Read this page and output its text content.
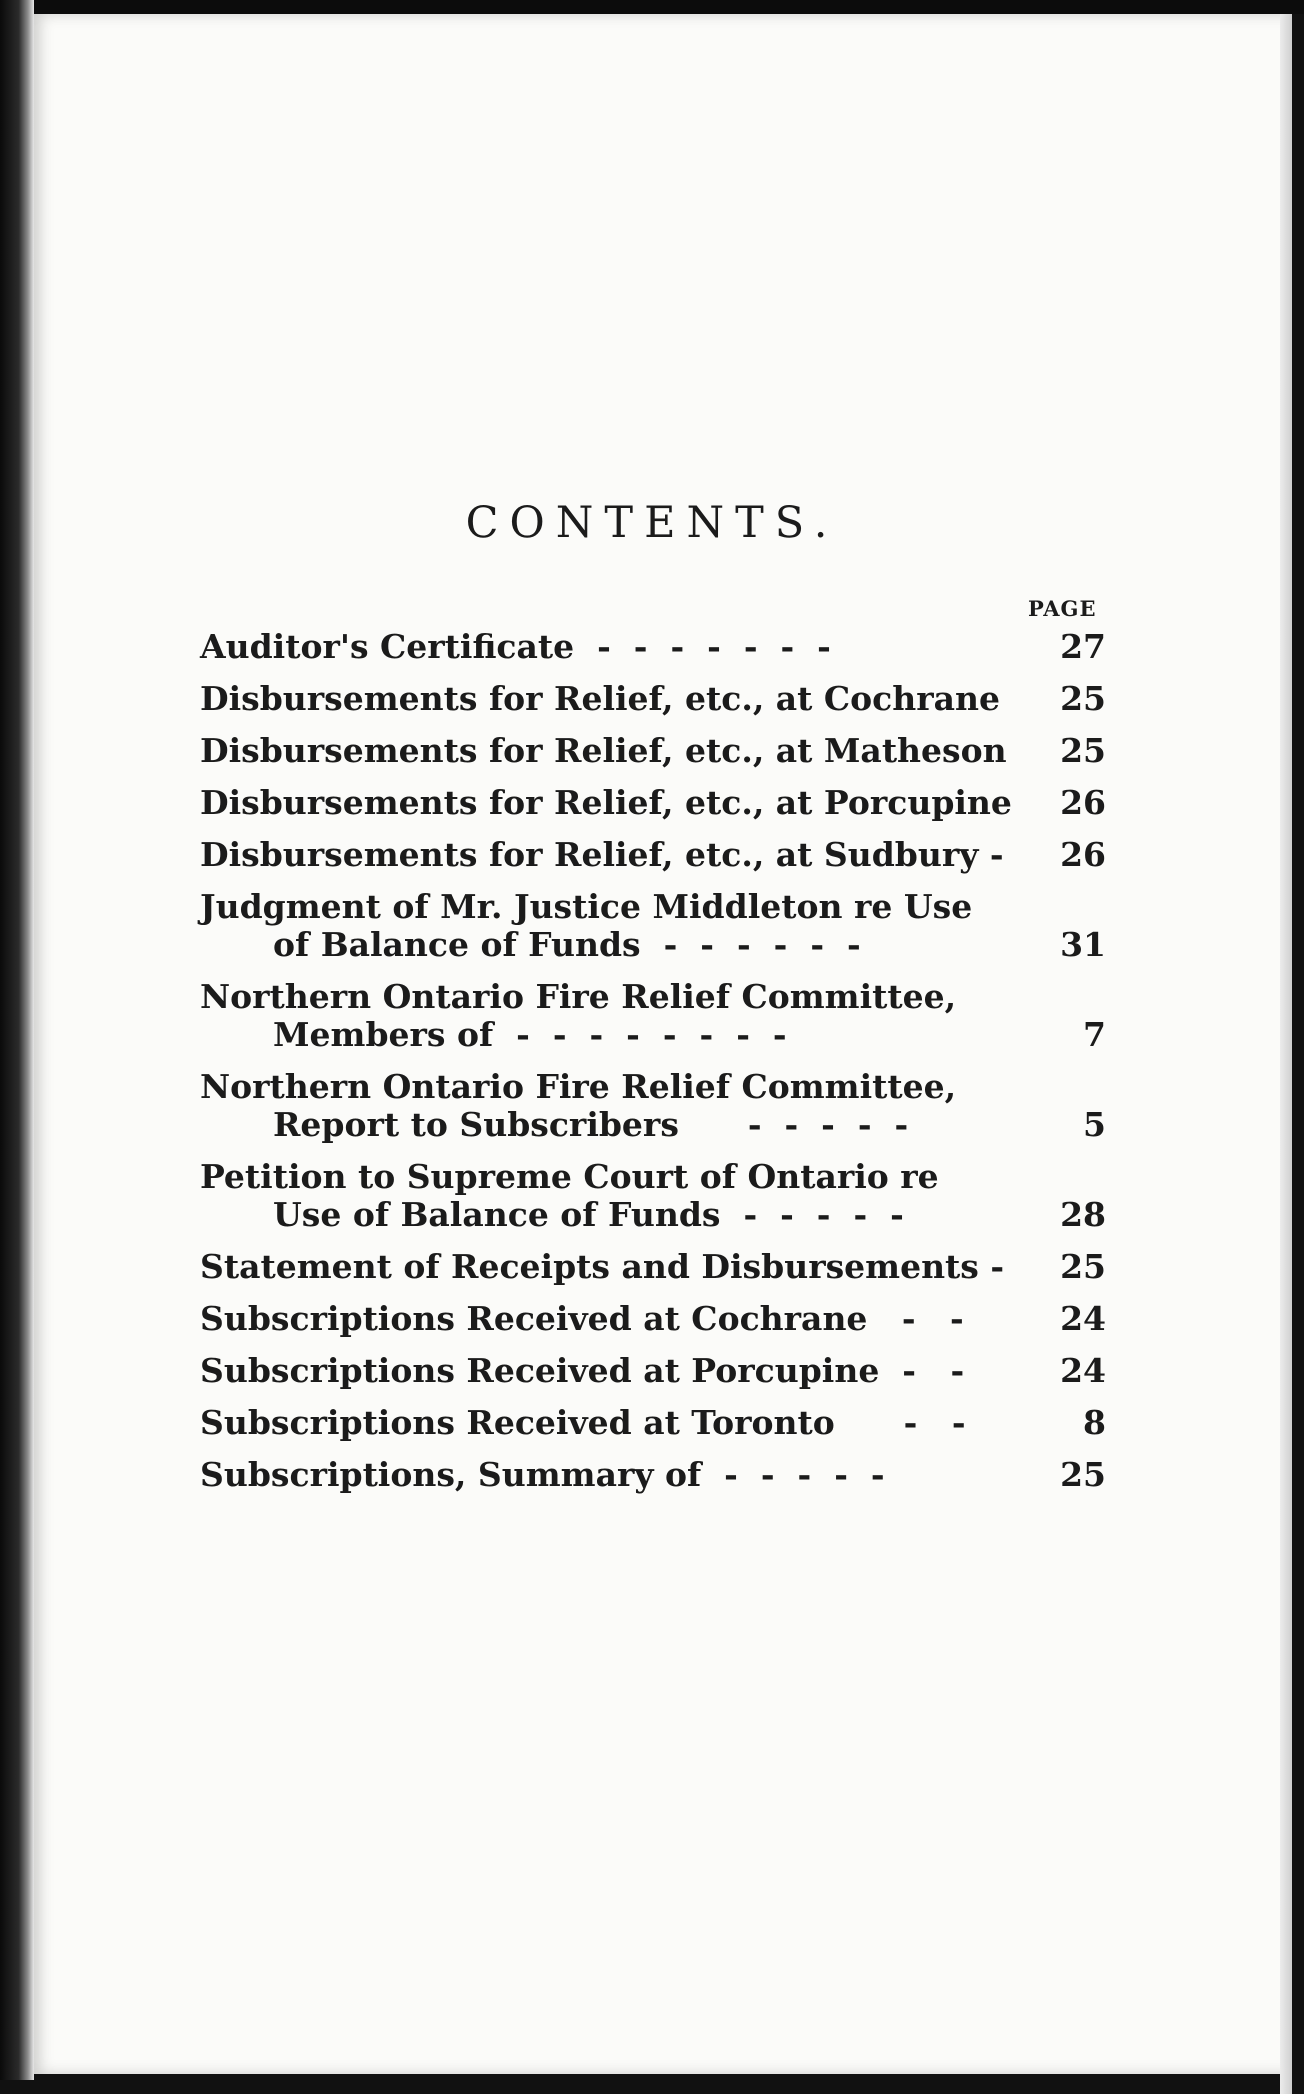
CONTENTS.
PAGE
Auditor's Certificate  -  -  -  -  -  -  -	27
Disbursements for Relief, etc., at Cochrane	25
Disbursements for Relief, etc., at Matheson	25
Disbursements for Relief, etc., at Porcupine	26
Disbursements for Relief, etc., at Sudbury -	26
Judgment of Mr. Justice Middleton re Use
of Balance of Funds  -  -  -  -  -  -	31
Northern Ontario Fire Relief Committee,
Members of  -  -  -  -  -  -  -  -	7
Northern Ontario Fire Relief Committee,
Report to Subscribers      -  -  -  -  -	5
Petition to Supreme Court of Ontario re
Use of Balance of Funds  -  -  -  -  -	28
Statement of Receipts and Disbursements -	25
Subscriptions Received at Cochrane   -   -	24
Subscriptions Received at Porcupine  -   -	24
Subscriptions Received at Toronto      -   -	8
Subscriptions, Summary of  -  -  -  -  -	25
